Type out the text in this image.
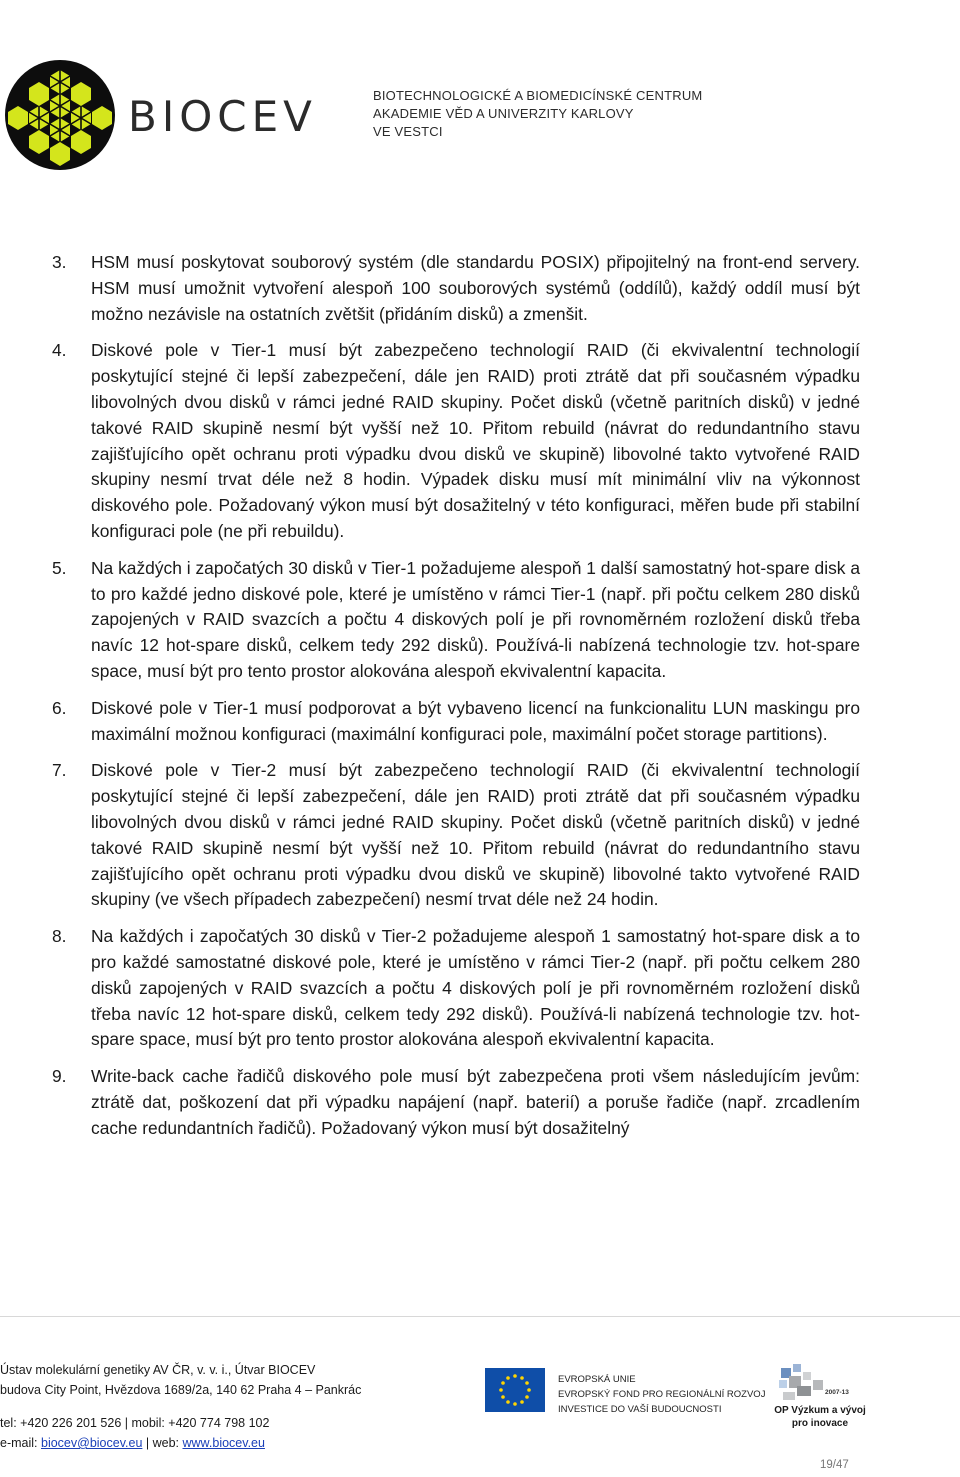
BIOCEV	BIOTECHNOLOGICKÉ A BIOMEDICÍNSKÉ CENTRUM
AKADEMIE VĚD A UNIVERZITY KARLOVY
VE VESTCI
3. HSM musí poskytovat souborový systém (dle standardu POSIX) připojitelný na front-end servery. HSM musí umožnit vytvoření alespoň 100 souborových systémů (oddílů), každý oddíl musí být možno nezávisle na ostatních zvětšit (přidáním disků) a zmenšit.
4. Diskové pole v Tier-1 musí být zabezpečeno technologií RAID (či ekvivalentní technologií poskytující stejné či lepší zabezpečení, dále jen RAID) proti ztrátě dat při současném výpadku libovolných dvou disků v rámci jedné RAID skupiny. Počet disků (včetně paritních disků) v jedné takové RAID skupině nesmí být vyšší než 10. Přitom rebuild (návrat do redundantního stavu zajišťujícího opět ochranu proti výpadku dvou disků ve skupině) libovolné takto vytvořené RAID skupiny nesmí trvat déle než 8 hodin. Výpadek disku musí mít minimální vliv na výkonnost diskového pole. Požadovaný výkon musí být dosažitelný v této konfiguraci, měřen bude při stabilní konfiguraci pole (ne při rebuildu).
5. Na každých i započatých 30 disků v Tier-1 požadujeme alespoň 1 další samostatný hot-spare disk a to pro každé jedno diskové pole, které je umístěno v rámci Tier-1 (např. při počtu celkem 280 disků zapojených v RAID svazcích a počtu 4 diskových polí je při rovnoměrném rozložení disků třeba navíc 12 hot-spare disků, celkem tedy 292 disků). Používá-li nabízená technologie tzv. hot-spare space, musí být pro tento prostor alokována alespoň ekvivalentní kapacita.
6. Diskové pole v Tier-1 musí podporovat a být vybaveno licencí na funkcionalitu LUN maskingu pro maximální možnou konfiguraci (maximální konfiguraci pole, maximální počet storage partitions).
7. Diskové pole v Tier-2 musí být zabezpečeno technologií RAID (či ekvivalentní technologií poskytující stejné či lepší zabezpečení, dále jen RAID) proti ztrátě dat při současném výpadku libovolných dvou disků v rámci jedné RAID skupiny. Počet disků (včetně paritních disků) v jedné takové RAID skupině nesmí být vyšší než 10. Přitom rebuild (návrat do redundantního stavu zajišťujícího opět ochranu proti výpadku dvou disků ve skupině) libovolné takto vytvořené RAID skupiny (ve všech případech zabezpečení) nesmí trvat déle než 24 hodin.
8. Na každých i započatých 30 disků v Tier-2 požadujeme alespoň 1 samostatný hot-spare disk a to pro každé samostatné diskové pole, které je umístěno v rámci Tier-2 (např. při počtu celkem 280 disků zapojených v RAID svazcích a počtu 4 diskových polí je při rovnoměrném rozložení disků třeba navíc 12 hot-spare disků, celkem tedy 292 disků). Používá-li nabízená technologie tzv. hot-spare space, musí být pro tento prostor alokována alespoň ekvivalentní kapacita.
9. Write-back cache řadičů diskového pole musí být zabezpečena proti všem následujícím jevům: ztrátě dat, poškození dat při výpadku napájení (např. baterií) a poruše řadiče (např. zrcadlením cache redundantních řadičů). Požadovaný výkon musí být dosažitelný
Ústav molekulární genetiky AV ČR, v. v. i., Útvar BIOCEV
budova City Point, Hvězdova 1689/2a, 140 62 Praha 4 – Pankrác
tel: +420 226 201 526 | mobil: +420 774 798 102
e-mail: biocev@biocev.eu | web: www.biocev.eu
EVROPSKÁ UNIE
EVROPSKÝ FOND PRO REGIONÁLNÍ ROZVOJ
INVESTICE DO VAŠÍ BUDOUCNOSTI
2007-13
OP Výzkum a vývoj
pro inovace
19/47
